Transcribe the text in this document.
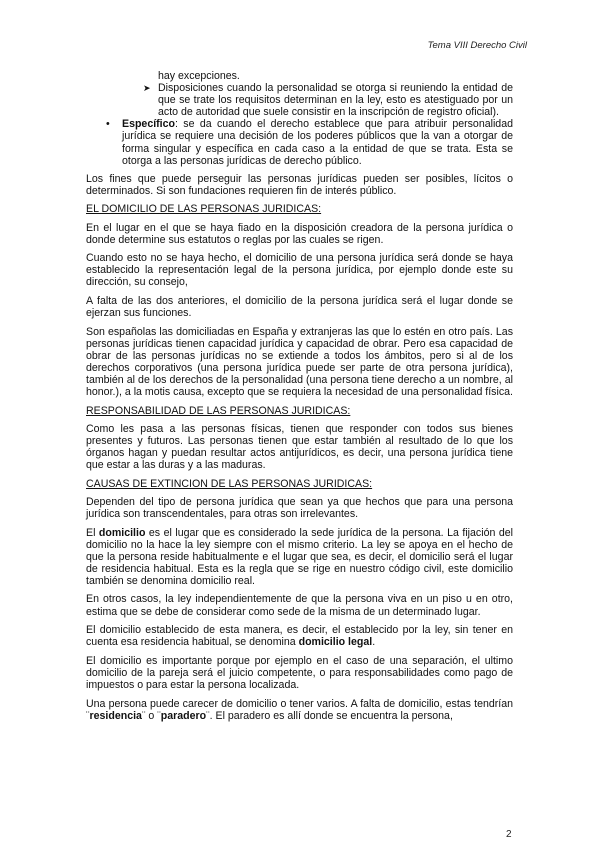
Tema VIII Derecho Civil

hay excepciones.

➤ Disposiciones cuando la personalidad se otorga si reuniendo la entidad de que se trate los requisitos determinan en la ley, esto es atestiguado por un acto de autoridad que suele consistir en la inscripción de registro oficial).

• Específico: se da cuando el derecho establece que para atribuir personalidad jurídica se requiere una decisión de los poderes públicos que la van a otorgar de forma singular y específica en cada caso a la entidad de que se trata. Esta se otorga a las personas jurídicas de derecho público.

Los fines que puede perseguir las personas jurídicas pueden ser posibles, lícitos o determinados. Si son fundaciones requieren fin de interés público.

EL DOMICILIO DE LAS PERSONAS JURIDICAS:

En el lugar en el que se haya fiado en la disposición creadora de la persona jurídica o donde determine sus estatutos o reglas por las cuales se rigen.

Cuando esto no se haya hecho, el domicilio de una persona jurídica será donde se haya establecido la representación legal de la persona jurídica, por ejemplo donde este su dirección, su consejo,

A falta de las dos anteriores, el domicilio de la persona jurídica será el lugar donde se ejerzan sus funciones.

Son españolas las domiciliadas en España y extranjeras las que lo estén en otro país. Las personas jurídicas tienen capacidad jurídica y capacidad de obrar. Pero esa capacidad de obrar de las personas jurídicas no se extiende a todos los ámbitos, pero si al de los derechos corporativos (una persona jurídica puede ser parte de otra persona jurídica), también al de los derechos de la personalidad (una persona tiene derecho a un nombre, al honor.), a la motis causa, excepto que se requiera la necesidad de una personalidad física.

RESPONSABILIDAD DE LAS PERSONAS JURIDICAS:

Como les pasa a las personas físicas, tienen que responder con todos sus bienes presentes y futuros. Las personas tienen que estar también al resultado de lo que los órganos hagan y puedan resultar actos antijurídicos, es decir, una persona jurídica tiene que estar a las duras y a las maduras.

CAUSAS DE EXTINCION DE LAS PERSONAS JURIDICAS:

Dependen del tipo de persona jurídica que sean ya que hechos que para una persona jurídica son transcendentales, para otras son irrelevantes.

El domicilio es el lugar que es considerado la sede jurídica de la persona. La fijación del domicilio no la hace la ley siempre con el mismo criterio. La ley se apoya en el hecho de que la persona reside habitualmente e el lugar que sea, es decir, el domicilio será el lugar de residencia habitual. Esta es la regla que se rige en nuestro código civil, este domicilio también se denomina domicilio real.

En otros casos, la ley independientemente de que la persona viva en un piso u en otro, estima que se debe de considerar como sede de la misma de un determinado lugar.

El domicilio establecido de esta manera, es decir, el establecido por la ley, sin tener en cuenta esa residencia habitual, se denomina domicilio legal.

El domicilio es importante porque por ejemplo en el caso de una separación, el ultimo domicilio de la pareja será el juicio competente, o para responsabilidades como pago de impuestos o para estar la persona localizada.

Una persona puede carecer de domicilio o tener varios. A falta de domicilio, estas tendrían ¨residencia¨ o ¨paradero¨. El paradero es allí donde se encuentra la persona,

2
